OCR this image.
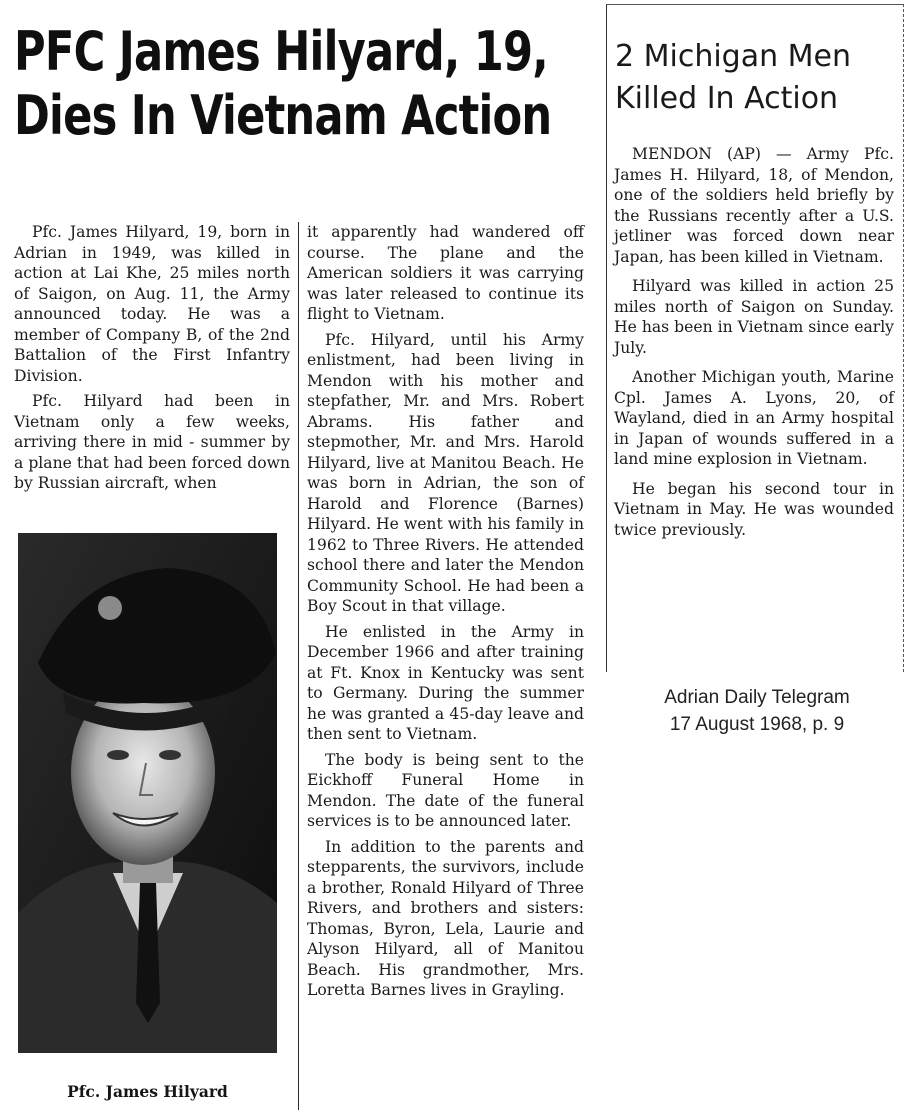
PFC James Hilyard, 19,
Dies In Vietnam Action

Pfc. James Hilyard, 19, born in Adrian in 1949, was killed in action at Lai Khe, 25 miles north of Saigon, on Aug. 11, the Army announced today. He was a member of Company B, of the 2nd Battalion of the First Infantry Division.

Pfc. Hilyard had been in Vietnam only a few weeks, arriving there in mid - summer by a plane that had been forced down by Russian aircraft, when

Pfc. James Hilyard

it apparently had wandered off course. The plane and the American soldiers it was carrying was later released to continue its flight to Vietnam.

Pfc. Hilyard, until his Army enlistment, had been living in Mendon with his mother and stepfather, Mr. and Mrs. Robert Abrams. His father and stepmother, Mr. and Mrs. Harold Hilyard, live at Manitou Beach. He was born in Adrian, the son of Harold and Florence (Barnes) Hilyard. He went with his family in 1962 to Three Rivers. He attended school there and later the Mendon Community School. He had been a Boy Scout in that village.

He enlisted in the Army in December 1966 and after training at Ft. Knox in Kentucky was sent to Germany. During the summer he was granted a 45-day leave and then sent to Vietnam.

The body is being sent to the Eickhoff Funeral Home in Mendon. The date of the funeral services is to be announced later.

In addition to the parents and stepparents, the survivors, include a brother, Ronald Hilyard of Three Rivers, and brothers and sisters: Thomas, Byron, Lela, Laurie and Alyson Hilyard, all of Manitou Beach. His grandmother, Mrs. Loretta Barnes lives in Grayling.

2 Michigan Men
Killed In Action

MENDON (AP) — Army Pfc. James H. Hilyard, 18, of Mendon, one of the soldiers held briefly by the Russians recently after a U.S. jetliner was forced down near Japan, has been killed in Vietnam.

Hilyard was killed in action 25 miles north of Saigon on Sunday. He has been in Vietnam since early July.

Another Michigan youth, Marine Cpl. James A. Lyons, 20, of Wayland, died in an Army hospital in Japan of wounds suffered in a land mine explosion in Vietnam.

He began his second tour in Vietnam in May. He was wounded twice previously.

Adrian Daily Telegram
17 August 1968, p. 9
